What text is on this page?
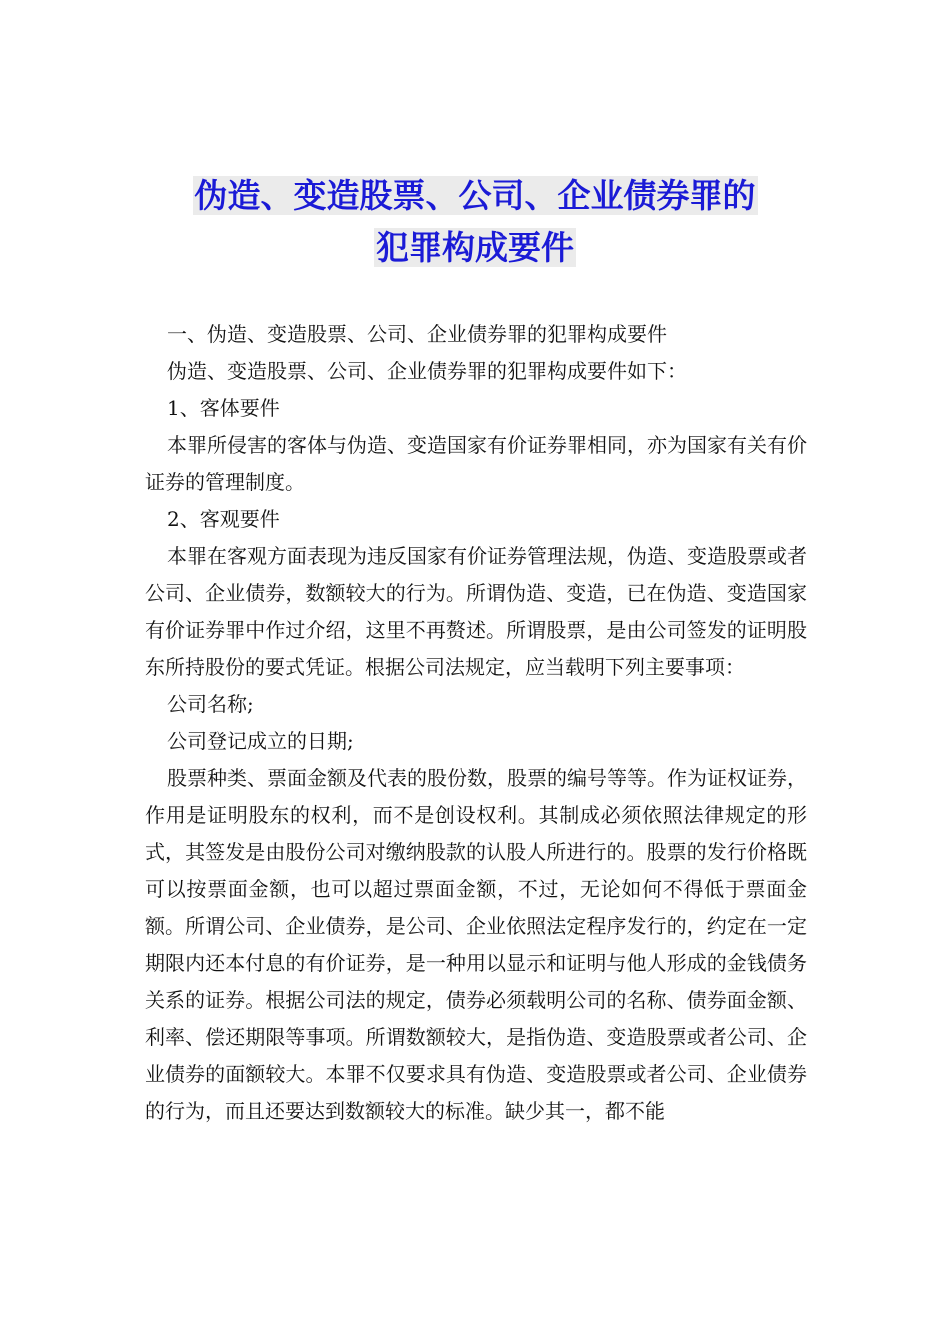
伪造、变造股票、公司、企业债券罪的
犯罪构成要件

一、伪造、变造股票、公司、企业债券罪的犯罪构成要件

伪造、变造股票、公司、企业债券罪的犯罪构成要件如下：

1、客体要件

本罪所侵害的客体与伪造、变造国家有价证券罪相同，亦为国家有关有价证券的管理制度。

2、客观要件

本罪在客观方面表现为违反国家有价证券管理法规，伪造、变造股票或者公司、企业债券，数额较大的行为。所谓伪造、变造，已在伪造、变造国家有价证券罪中作过介绍，这里不再赘述。所谓股票，是由公司签发的证明股东所持股份的要式凭证。根据公司法规定，应当载明下列主要事项：

公司名称;

公司登记成立的日期;

股票种类、票面金额及代表的股份数，股票的编号等等。作为证权证券，作用是证明股东的权利，而不是创设权利。其制成必须依照法律规定的形式，其签发是由股份公司对缴纳股款的认股人所进行的。股票的发行价格既可以按票面金额，也可以超过票面金额，不过，无论如何不得低于票面金额。所谓公司、企业债券，是公司、企业依照法定程序发行的，约定在一定期限内还本付息的有价证券，是一种用以显示和证明与他人形成的金钱债务关系的证券。根据公司法的规定，债券必须载明公司的名称、债券面金额、利率、偿还期限等事项。所谓数额较大，是指伪造、变造股票或者公司、企业债券的面额较大。本罪不仅要求具有伪造、变造股票或者公司、企业债券的行为，而且还要达到数额较大的标准。缺少其一，都不能
